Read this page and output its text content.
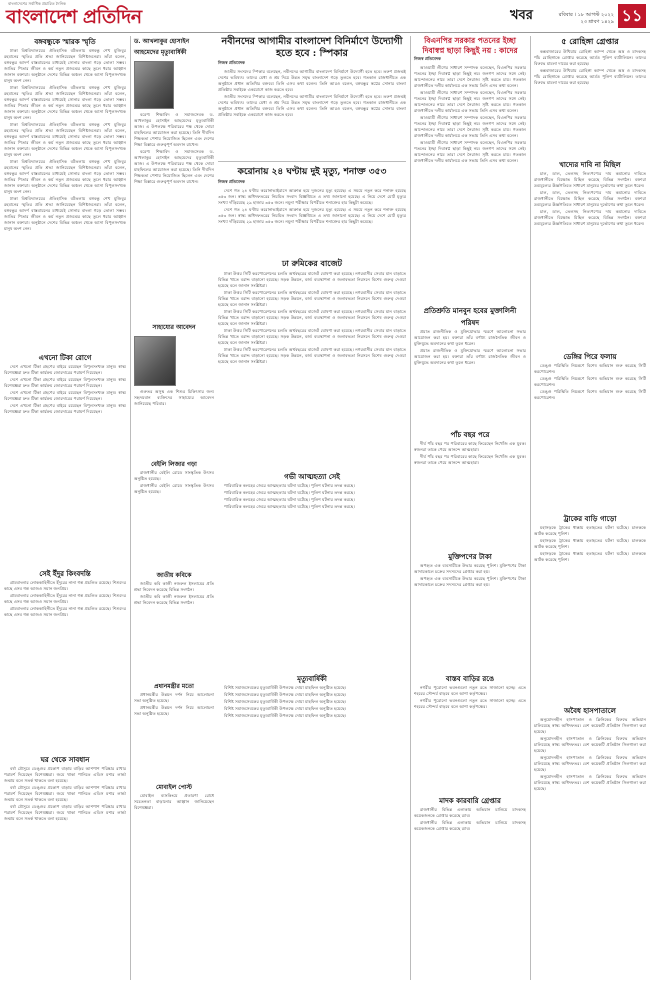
বাংলাদেশের সর্বাধিক প্রচারিত দৈনিক
বাংলাদেশ প্রতিদিন	খবর	রবিবার । ১৮ আগস্ট ২০২২
২৩ শ্রাবণ ১৪২৯ ১১
বঙ্গবন্ধুকে স্মারক স্মৃতি

ঢাকা বিশ্ববিদ্যালয়ের ঐতিহাসিক বটতলায় বঙ্গবন্ধু শেখ মুজিবুর রহমানের স্মৃতির প্রতি শ্রদ্ধা জানিয়েছেন বিশিষ্টজনেরা। তাঁরা বলেন, বঙ্গবন্ধুর আদর্শ বাস্তবায়নের মাধ্যমেই সোনার বাংলা গড়ে তোলা সম্ভব। জাতির পিতার জীবন ও কর্ম নতুন প্রজন্মের কাছে তুলে ধরার আহ্বান জানান বক্তারা। অনুষ্ঠানে দেশের বিভিন্ন অঞ্চল থেকে আসা বিপুলসংখ্যক মানুষ অংশ নেন।

ঢাকা বিশ্ববিদ্যালয়ের ঐতিহাসিক বটতলায় বঙ্গবন্ধু শেখ মুজিবুর রহমানের স্মৃতির প্রতি শ্রদ্ধা জানিয়েছেন বিশিষ্টজনেরা। তাঁরা বলেন, বঙ্গবন্ধুর আদর্শ বাস্তবায়নের মাধ্যমেই সোনার বাংলা গড়ে তোলা সম্ভব। জাতির পিতার জীবন ও কর্ম নতুন প্রজন্মের কাছে তুলে ধরার আহ্বান জানান বক্তারা। অনুষ্ঠানে দেশের বিভিন্ন অঞ্চল থেকে আসা বিপুলসংখ্যক মানুষ অংশ নেন।

ঢাকা বিশ্ববিদ্যালয়ের ঐতিহাসিক বটতলায় বঙ্গবন্ধু শেখ মুজিবুর রহমানের স্মৃতির প্রতি শ্রদ্ধা জানিয়েছেন বিশিষ্টজনেরা। তাঁরা বলেন, বঙ্গবন্ধুর আদর্শ বাস্তবায়নের মাধ্যমেই সোনার বাংলা গড়ে তোলা সম্ভব। জাতির পিতার জীবন ও কর্ম নতুন প্রজন্মের কাছে তুলে ধরার আহ্বান জানান বক্তারা। অনুষ্ঠানে দেশের বিভিন্ন অঞ্চল থেকে আসা বিপুলসংখ্যক মানুষ অংশ নেন।

ঢাকা বিশ্ববিদ্যালয়ের ঐতিহাসিক বটতলায় বঙ্গবন্ধু শেখ মুজিবুর রহমানের স্মৃতির প্রতি শ্রদ্ধা জানিয়েছেন বিশিষ্টজনেরা। তাঁরা বলেন, বঙ্গবন্ধুর আদর্শ বাস্তবায়নের মাধ্যমেই সোনার বাংলা গড়ে তোলা সম্ভব। জাতির পিতার জীবন ও কর্ম নতুন প্রজন্মের কাছে তুলে ধরার আহ্বান জানান বক্তারা। অনুষ্ঠানে দেশের বিভিন্ন অঞ্চল থেকে আসা বিপুলসংখ্যক মানুষ অংশ নেন।

ঢাকা বিশ্ববিদ্যালয়ের ঐতিহাসিক বটতলায় বঙ্গবন্ধু শেখ মুজিবুর রহমানের স্মৃতির প্রতি শ্রদ্ধা জানিয়েছেন বিশিষ্টজনেরা। তাঁরা বলেন, বঙ্গবন্ধুর আদর্শ বাস্তবায়নের মাধ্যমেই সোনার বাংলা গড়ে তোলা সম্ভব। জাতির পিতার জীবন ও কর্ম নতুন প্রজন্মের কাছে তুলে ধরার আহ্বান জানান বক্তারা। অনুষ্ঠানে দেশের বিভিন্ন অঞ্চল থেকে আসা বিপুলসংখ্যক মানুষ অংশ নেন।

এখনো টিকা রোগে

দেশে এখনো টিকা গ্রহণের বাইরে রয়েছেন বিপুলসংখ্যক মানুষ। স্বাস্থ্য বিশেষজ্ঞরা দ্রুত টিকা কার্যক্রম জোরদারের পরামর্শ দিয়েছেন।

দেশে এখনো টিকা গ্রহণের বাইরে রয়েছেন বিপুলসংখ্যক মানুষ। স্বাস্থ্য বিশেষজ্ঞরা দ্রুত টিকা কার্যক্রম জোরদারের পরামর্শ দিয়েছেন।

দেশে এখনো টিকা গ্রহণের বাইরে রয়েছেন বিপুলসংখ্যক মানুষ। স্বাস্থ্য বিশেষজ্ঞরা দ্রুত টিকা কার্যক্রম জোরদারের পরামর্শ দিয়েছেন।

দেশে এখনো টিকা গ্রহণের বাইরে রয়েছেন বিপুলসংখ্যক মানুষ। স্বাস্থ্য বিশেষজ্ঞরা দ্রুত টিকা কার্যক্রম জোরদারের পরামর্শ দিয়েছেন।

সেই ইঁদুর কিংবদন্তি

গ্রামবাংলার লোককাহিনীতে ইঁদুরের নানা গল্প প্রচলিত রয়েছে। শিশুদের কাছে এসব গল্প আজও সমান জনপ্রিয়।

গ্রামবাংলার লোককাহিনীতে ইঁদুরের নানা গল্প প্রচলিত রয়েছে। শিশুদের কাছে এসব গল্প আজও সমান জনপ্রিয়।

গ্রামবাংলার লোককাহিনীতে ইঁদুরের নানা গল্প প্রচলিত রয়েছে। শিশুদের কাছে এসব গল্প আজও সমান জনপ্রিয়।

ঘর থেকে সাবধান

বর্ষা মৌসুমে ডেঙ্গুর প্রকোপ বাড়ায় বাড়ির আশপাশ পরিষ্কার রাখার পরামর্শ দিয়েছেন বিশেষজ্ঞরা। জমে থাকা পানিতে এডিস মশার লার্ভা জন্মায় বলে সতর্ক থাকতে বলা হয়েছে।

বর্ষা মৌসুমে ডেঙ্গুর প্রকোপ বাড়ায় বাড়ির আশপাশ পরিষ্কার রাখার পরামর্শ দিয়েছেন বিশেষজ্ঞরা। জমে থাকা পানিতে এডিস মশার লার্ভা জন্মায় বলে সতর্ক থাকতে বলা হয়েছে।

বর্ষা মৌসুমে ডেঙ্গুর প্রকোপ বাড়ায় বাড়ির আশপাশ পরিষ্কার রাখার পরামর্শ দিয়েছেন বিশেষজ্ঞরা। জমে থাকা পানিতে এডিস মশার লার্ভা জন্মায় বলে সতর্ক থাকতে বলা হয়েছে।

ড. আখলাকুর হোসাইন আহমেদের মৃত্যুবার্ষিকী

বরেণ্য শিক্ষাবিদ ও সমাজসেবক ড. আখলাকুর হোসাইন আহমেদের মৃত্যুবার্ষিকী আজ। এ উপলক্ষে পরিবারের পক্ষ থেকে দোয়া মাহফিলের আয়োজন করা হয়েছে। তিনি দীর্ঘদিন শিক্ষকতা পেশায় নিয়োজিত ছিলেন এবং দেশের শিক্ষা বিস্তারে গুরুত্বপূর্ণ অবদান রাখেন।

বরেণ্য শিক্ষাবিদ ও সমাজসেবক ড. আখলাকুর হোসাইন আহমেদের মৃত্যুবার্ষিকী আজ। এ উপলক্ষে পরিবারের পক্ষ থেকে দোয়া মাহফিলের আয়োজন করা হয়েছে। তিনি দীর্ঘদিন শিক্ষকতা পেশায় নিয়োজিত ছিলেন এবং দেশের শিক্ষা বিস্তারে গুরুত্বপূর্ণ অবদান রাখেন।

সাহায্যের আবেদন

গুরুতর অসুস্থ এক শিশুর চিকিৎসার জন্য সহৃদয়বান ব্যক্তিদের সাহায্যের আবেদন জানিয়েছে পরিবার।

বেইলি লিজার গড়া

রাজধানীর বেইলি রোডে সাংস্কৃতিক উৎসব অনুষ্ঠিত হয়েছে।

রাজধানীর বেইলি রোডে সাংস্কৃতিক উৎসব অনুষ্ঠিত হয়েছে।

জাতীয় কবিকে

জাতীয় কবি কাজী নজরুল ইসলামের প্রতি শ্রদ্ধা নিবেদন করেছে বিভিন্ন সংগঠন।

জাতীয় কবি কাজী নজরুল ইসলামের প্রতি শ্রদ্ধা নিবেদন করেছে বিভিন্ন সংগঠন।

প্রধানমন্ত্রীর মতো

প্রধানমন্ত্রীর উন্নয়ন দর্শন নিয়ে আলোচনা সভা অনুষ্ঠিত হয়েছে।

প্রধানমন্ত্রীর উন্নয়ন দর্শন নিয়ে আলোচনা সভা অনুষ্ঠিত হয়েছে।

মোবাইল পোস্ট

মোবাইল ব্যাংকিংয়ে প্রতারণা রোধে সচেতনতা বাড়ানোর আহ্বান জানিয়েছেন বিশেষজ্ঞরা।

নবীনদের আগামীর বাংলাদেশ বিনির্মাণে উদ্যোগী হতে হবে : স্পিকার
নিজস্ব প্রতিবেদক

জাতীয় সংসদের স্পিকার বলেছেন, নবীনদের আগামীর বাংলাদেশ বিনির্মাণে উদ্যোগী হতে হবে। তরুণ প্রজন্মই দেশের ভবিষ্যৎ। তাদের মেধা ও শ্রম দিয়ে উন্নত সমৃদ্ধ বাংলাদেশ গড়ে তুলতে হবে। গতকাল রাজধানীতে এক অনুষ্ঠানে প্রধান অতিথির বক্তব্যে তিনি এসব কথা বলেন। তিনি আরও বলেন, বঙ্গবন্ধুর স্বপ্নের সোনার বাংলা প্রতিষ্ঠায় সবাইকে একযোগে কাজ করতে হবে।

জাতীয় সংসদের স্পিকার বলেছেন, নবীনদের আগামীর বাংলাদেশ বিনির্মাণে উদ্যোগী হতে হবে। তরুণ প্রজন্মই দেশের ভবিষ্যৎ। তাদের মেধা ও শ্রম দিয়ে উন্নত সমৃদ্ধ বাংলাদেশ গড়ে তুলতে হবে। গতকাল রাজধানীতে এক অনুষ্ঠানে প্রধান অতিথির বক্তব্যে তিনি এসব কথা বলেন। তিনি আরও বলেন, বঙ্গবন্ধুর স্বপ্নের সোনার বাংলা প্রতিষ্ঠায় সবাইকে একযোগে কাজ করতে হবে।

করোনায় ২৪ ঘণ্টায় দুই মৃত্যু, শনাক্ত ৩৫৩
নিজস্ব প্রতিবেদক

দেশে গত ২৪ ঘণ্টায় করোনাভাইরাসে আক্রান্ত হয়ে দুজনের মৃত্যু হয়েছে। এ সময়ে নতুন করে শনাক্ত হয়েছে ৩৫৩ জন। স্বাস্থ্য অধিদফতরের নিয়মিত সংবাদ বিজ্ঞপ্তিতে এ তথ্য জানানো হয়েছে। এ নিয়ে দেশে মোট মৃত্যুর সংখ্যা দাঁড়িয়েছে ২৯ হাজার ৩৫৩ জনে। নমুনা পরীক্ষার বিপরীতে শনাক্তের হার কিছুটা কমেছে।

দেশে গত ২৪ ঘণ্টায় করোনাভাইরাসে আক্রান্ত হয়ে দুজনের মৃত্যু হয়েছে। এ সময়ে নতুন করে শনাক্ত হয়েছে ৩৫৩ জন। স্বাস্থ্য অধিদফতরের নিয়মিত সংবাদ বিজ্ঞপ্তিতে এ তথ্য জানানো হয়েছে। এ নিয়ে দেশে মোট মৃত্যুর সংখ্যা দাঁড়িয়েছে ২৯ হাজার ৩৫৩ জনে। নমুনা পরীক্ষার বিপরীতে শনাক্তের হার কিছুটা কমেছে।

ঢা রুমিকের বাজেট

ঢাকা উত্তর সিটি করপোরেশনের চলতি অর্থবছরের বাজেট ঘোষণা করা হয়েছে। নগরবাসীর সেবার মান বাড়াতে বিভিন্ন খাতে বরাদ্দ বাড়ানো হয়েছে। সড়ক উন্নয়ন, বর্জ্য ব্যবস্থাপনা ও জলাবদ্ধতা নিরসনে বিশেষ গুরুত্ব দেওয়া হয়েছে বলে জানান সংশ্লিষ্টরা।

ঢাকা উত্তর সিটি করপোরেশনের চলতি অর্থবছরের বাজেট ঘোষণা করা হয়েছে। নগরবাসীর সেবার মান বাড়াতে বিভিন্ন খাতে বরাদ্দ বাড়ানো হয়েছে। সড়ক উন্নয়ন, বর্জ্য ব্যবস্থাপনা ও জলাবদ্ধতা নিরসনে বিশেষ গুরুত্ব দেওয়া হয়েছে বলে জানান সংশ্লিষ্টরা।

ঢাকা উত্তর সিটি করপোরেশনের চলতি অর্থবছরের বাজেট ঘোষণা করা হয়েছে। নগরবাসীর সেবার মান বাড়াতে বিভিন্ন খাতে বরাদ্দ বাড়ানো হয়েছে। সড়ক উন্নয়ন, বর্জ্য ব্যবস্থাপনা ও জলাবদ্ধতা নিরসনে বিশেষ গুরুত্ব দেওয়া হয়েছে বলে জানান সংশ্লিষ্টরা।

ঢাকা উত্তর সিটি করপোরেশনের চলতি অর্থবছরের বাজেট ঘোষণা করা হয়েছে। নগরবাসীর সেবার মান বাড়াতে বিভিন্ন খাতে বরাদ্দ বাড়ানো হয়েছে। সড়ক উন্নয়ন, বর্জ্য ব্যবস্থাপনা ও জলাবদ্ধতা নিরসনে বিশেষ গুরুত্ব দেওয়া হয়েছে বলে জানান সংশ্লিষ্টরা।

ঢাকা উত্তর সিটি করপোরেশনের চলতি অর্থবছরের বাজেট ঘোষণা করা হয়েছে। নগরবাসীর সেবার মান বাড়াতে বিভিন্ন খাতে বরাদ্দ বাড়ানো হয়েছে। সড়ক উন্নয়ন, বর্জ্য ব্যবস্থাপনা ও জলাবদ্ধতা নিরসনে বিশেষ গুরুত্ব দেওয়া হয়েছে বলে জানান সংশ্লিষ্টরা।

গভী আত্মহত্যা সেই

পারিবারিক কলহের জেরে আত্মহত্যার ঘটনা ঘটেছে। পুলিশ ঘটনার তদন্ত করছে।

পারিবারিক কলহের জেরে আত্মহত্যার ঘটনা ঘটেছে। পুলিশ ঘটনার তদন্ত করছে।

পারিবারিক কলহের জেরে আত্মহত্যার ঘটনা ঘটেছে। পুলিশ ঘটনার তদন্ত করছে।

পারিবারিক কলহের জেরে আত্মহত্যার ঘটনা ঘটেছে। পুলিশ ঘটনার তদন্ত করছে।

মৃত্যুবার্ষিকী

বিশিষ্ট সমাজসেবকের মৃত্যুবার্ষিকী উপলক্ষে দোয়া মাহফিল অনুষ্ঠিত হয়েছে।

বিশিষ্ট সমাজসেবকের মৃত্যুবার্ষিকী উপলক্ষে দোয়া মাহফিল অনুষ্ঠিত হয়েছে।

বিশিষ্ট সমাজসেবকের মৃত্যুবার্ষিকী উপলক্ষে দোয়া মাহফিল অনুষ্ঠিত হয়েছে।

বিশিষ্ট সমাজসেবকের মৃত্যুবার্ষিকী উপলক্ষে দোয়া মাহফিল অনুষ্ঠিত হয়েছে।

বিশিষ্ট সমাজসেবকের মৃত্যুবার্ষিকী উপলক্ষে দোয়া মাহফিল অনুষ্ঠিত হয়েছে।

বিএনপির সরকার পতনের ইচ্ছা দিবাস্বপ্ন ছাড়া কিছুই নয় : কাদের
নিজস্ব প্রতিবেদক

আওয়ামী লীগের সাধারণ সম্পাদক বলেছেন, বিএনপির সরকার পতনের ইচ্ছা দিবাস্বপ্ন ছাড়া কিছুই নয়। জনগণ তাদের সঙ্গে নেই। আন্দোলনের নামে তারা দেশে নৈরাজ্য সৃষ্টি করতে চায়। গতকাল রাজধানীতে দলীয় কার্যালয়ে এক সভায় তিনি এসব কথা বলেন।

আওয়ামী লীগের সাধারণ সম্পাদক বলেছেন, বিএনপির সরকার পতনের ইচ্ছা দিবাস্বপ্ন ছাড়া কিছুই নয়। জনগণ তাদের সঙ্গে নেই। আন্দোলনের নামে তারা দেশে নৈরাজ্য সৃষ্টি করতে চায়। গতকাল রাজধানীতে দলীয় কার্যালয়ে এক সভায় তিনি এসব কথা বলেন।

আওয়ামী লীগের সাধারণ সম্পাদক বলেছেন, বিএনপির সরকার পতনের ইচ্ছা দিবাস্বপ্ন ছাড়া কিছুই নয়। জনগণ তাদের সঙ্গে নেই। আন্দোলনের নামে তারা দেশে নৈরাজ্য সৃষ্টি করতে চায়। গতকাল রাজধানীতে দলীয় কার্যালয়ে এক সভায় তিনি এসব কথা বলেন।

আওয়ামী লীগের সাধারণ সম্পাদক বলেছেন, বিএনপির সরকার পতনের ইচ্ছা দিবাস্বপ্ন ছাড়া কিছুই নয়। জনগণ তাদের সঙ্গে নেই। আন্দোলনের নামে তারা দেশে নৈরাজ্য সৃষ্টি করতে চায়। গতকাল রাজধানীতে দলীয় কার্যালয়ে এক সভায় তিনি এসব কথা বলেন।

প্রতিশ্রুতি মানবুন হবের মুক্তালিনী পরিষদ

প্রয়াত রাজনীতিক ও মুক্তিযোদ্ধার স্মরণে আলোচনা সভার আয়োজন করা হয়। বক্তারা তাঁর বর্ণাঢ্য রাজনৈতিক জীবন ও মুক্তিযুদ্ধে অবদানের কথা তুলে ধরেন।

প্রয়াত রাজনীতিক ও মুক্তিযোদ্ধার স্মরণে আলোচনা সভার আয়োজন করা হয়। বক্তারা তাঁর বর্ণাঢ্য রাজনৈতিক জীবন ও মুক্তিযুদ্ধে অবদানের কথা তুলে ধরেন।

পাঁচ বছর পরে

দীর্ঘ পাঁচ বছর পর পরিবারের কাছে ফিরেছেন নিখোঁজ এক যুবক। স্বজনরা তাকে পেয়ে আনন্দে আত্মহারা।

দীর্ঘ পাঁচ বছর পর পরিবারের কাছে ফিরেছেন নিখোঁজ এক যুবক। স্বজনরা তাকে পেয়ে আনন্দে আত্মহারা।

মুক্তিপণের টাকা

অপহৃত এক ব্যবসায়ীকে উদ্ধার করেছে পুলিশ। মুক্তিপণের টাকা আদায়কালে চক্রের সদস্যদের গ্রেপ্তার করা হয়।

অপহৃত এক ব্যবসায়ীকে উদ্ধার করেছে পুলিশ। মুক্তিপণের টাকা আদায়কালে চক্রের সদস্যদের গ্রেপ্তার করা হয়।

বাস্তব বাড়ির রঙে

নগরীর পুরোনো ভবনগুলো নতুন রঙে সাজানো হচ্ছে। এতে শহরের সৌন্দর্য বাড়বে বলে আশা কর্তৃপক্ষের।

নগরীর পুরোনো ভবনগুলো নতুন রঙে সাজানো হচ্ছে। এতে শহরের সৌন্দর্য বাড়বে বলে আশা কর্তৃপক্ষের।

মাদক কারবারি গ্রেপ্তার

রাজধানীর বিভিন্ন এলাকায় অভিযান চালিয়ে মাদকসহ কয়েকজনকে গ্রেপ্তার করেছে র‌্যাব।

রাজধানীর বিভিন্ন এলাকায় অভিযান চালিয়ে মাদকসহ কয়েকজনকে গ্রেপ্তার করেছে র‌্যাব।

৫ রোহিঙ্গা গ্রেপ্তার

কক্সবাজারের উখিয়ায় রোহিঙ্গা ক্যাম্প থেকে অস্ত্র ও মাদকসহ পাঁচ রোহিঙ্গাকে গ্রেপ্তার করেছে আর্মড পুলিশ ব্যাটালিয়ন। তাদের বিরুদ্ধে মামলা দায়ের করা হয়েছে।

কক্সবাজারের উখিয়ায় রোহিঙ্গা ক্যাম্প থেকে অস্ত্র ও মাদকসহ পাঁচ রোহিঙ্গাকে গ্রেপ্তার করেছে আর্মড পুলিশ ব্যাটালিয়ন। তাদের বিরুদ্ধে মামলা দায়ের করা হয়েছে।

খাদ্যের দাবি না মিছিল

চাল, ডাল, তেলসহ নিত্যপণ্যের দাম কমানোর দাবিতে রাজধানীতে বিক্ষোভ মিছিল করেছে বিভিন্ন সংগঠন। বক্তারা দ্রব্যমূল্যের ঊর্ধ্বগতিতে সাধারণ মানুষের দুর্ভোগের কথা তুলে ধরেন।

চাল, ডাল, তেলসহ নিত্যপণ্যের দাম কমানোর দাবিতে রাজধানীতে বিক্ষোভ মিছিল করেছে বিভিন্ন সংগঠন। বক্তারা দ্রব্যমূল্যের ঊর্ধ্বগতিতে সাধারণ মানুষের দুর্ভোগের কথা তুলে ধরেন।

চাল, ডাল, তেলসহ নিত্যপণ্যের দাম কমানোর দাবিতে রাজধানীতে বিক্ষোভ মিছিল করেছে বিভিন্ন সংগঠন। বক্তারা দ্রব্যমূল্যের ঊর্ধ্বগতিতে সাধারণ মানুষের দুর্ভোগের কথা তুলে ধরেন।

ডেঙ্গির পিরে ফলায়

ডেঙ্গু পরিস্থিতি নিয়ন্ত্রণে বিশেষ অভিযান শুরু করেছে সিটি করপোরেশন।

ডেঙ্গু পরিস্থিতি নিয়ন্ত্রণে বিশেষ অভিযান শুরু করেছে সিটি করপোরেশন।

ডেঙ্গু পরিস্থিতি নিয়ন্ত্রণে বিশেষ অভিযান শুরু করেছে সিটি করপোরেশন।

ট্রাকের বাড়ি গাড়ো

মহাসড়কে ট্রাকের ধাক্কায় হতাহতের ঘটনা ঘটেছে। চালককে আটক করেছে পুলিশ।

মহাসড়কে ট্রাকের ধাক্কায় হতাহতের ঘটনা ঘটেছে। চালককে আটক করেছে পুলিশ।

মহাসড়কে ট্রাকের ধাক্কায় হতাহতের ঘটনা ঘটেছে। চালককে আটক করেছে পুলিশ।

অবৈধ হাসপাতালে

অনুমোদনহীন হাসপাতাল ও ক্লিনিকের বিরুদ্ধে অভিযান চালিয়েছে স্বাস্থ্য অধিদফতর। বেশ কয়েকটি প্রতিষ্ঠান সিলগালা করা হয়েছে।

অনুমোদনহীন হাসপাতাল ও ক্লিনিকের বিরুদ্ধে অভিযান চালিয়েছে স্বাস্থ্য অধিদফতর। বেশ কয়েকটি প্রতিষ্ঠান সিলগালা করা হয়েছে।

অনুমোদনহীন হাসপাতাল ও ক্লিনিকের বিরুদ্ধে অভিযান চালিয়েছে স্বাস্থ্য অধিদফতর। বেশ কয়েকটি প্রতিষ্ঠান সিলগালা করা হয়েছে।

অনুমোদনহীন হাসপাতাল ও ক্লিনিকের বিরুদ্ধে অভিযান চালিয়েছে স্বাস্থ্য অধিদফতর। বেশ কয়েকটি প্রতিষ্ঠান সিলগালা করা হয়েছে।
